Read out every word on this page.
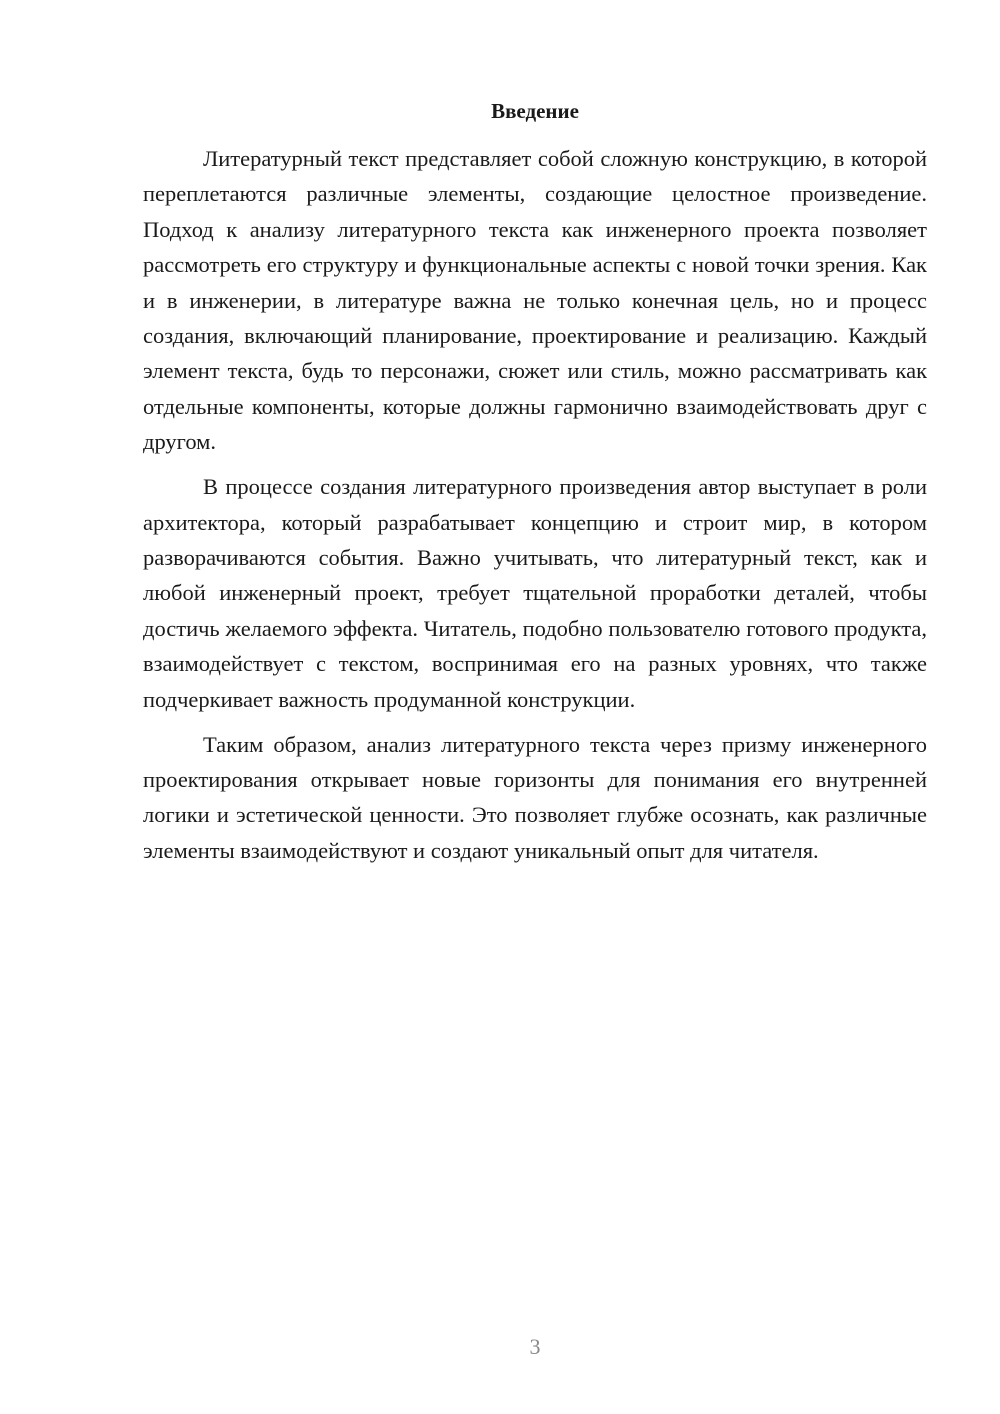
Введение

Литературный текст представляет собой сложную конструкцию, в которой переплетаются различные элементы, создающие целостное произведение. Подход к анализу литературного текста как инженерного проекта позволяет рассмотреть его структуру и функциональные аспекты с новой точки зрения. Как и в инженерии, в литературе важна не только конечная цель, но и процесс создания, включающий планирование, проектирование и реализацию. Каждый элемент текста, будь то персонажи, сюжет или стиль, можно рассматривать как отдельные компоненты, которые должны гармонично взаимодействовать друг с другом.

В процессе создания литературного произведения автор выступает в роли архитектора, который разрабатывает концепцию и строит мир, в котором разворачиваются события. Важно учитывать, что литературный текст, как и любой инженерный проект, требует тщательной проработки деталей, чтобы достичь желаемого эффекта. Читатель, подобно пользователю готового продукта, взаимодействует с текстом, воспринимая его на разных уровнях, что также подчеркивает важность продуманной конструкции.

Таким образом, анализ литературного текста через призму инженерного проектирования открывает новые горизонты для понимания его внутренней логики и эстетической ценности. Это позволяет глубже осознать, как различные элементы взаимодействуют и создают уникальный опыт для читателя.

3
